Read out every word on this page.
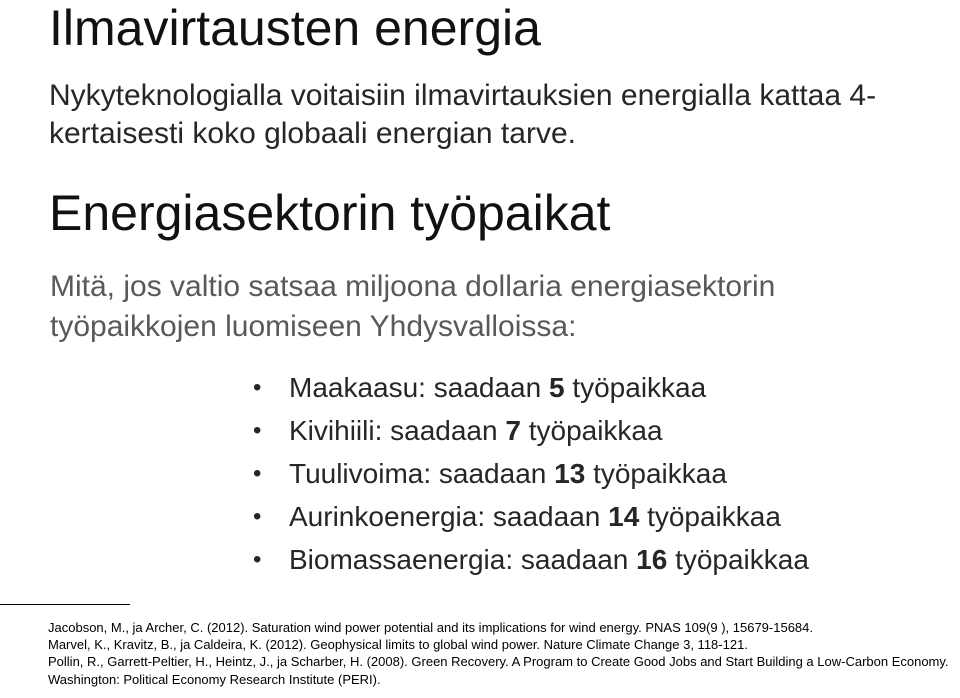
Ilmavirtausten energia

Nykyteknologialla voitaisiin ilmavirtauksien energialla kattaa 4-kertaisesti koko globaali energian tarve.

Energiasektorin työpaikat

Mitä, jos valtio satsaa miljoona dollaria energiasektorin työpaikkojen luomiseen Yhdysvalloissa:

• Maakaasu: saadaan 5 työpaikkaa
• Kivihiili: saadaan 7 työpaikkaa
• Tuulivoima: saadaan 13 työpaikkaa
• Aurinkoenergia: saadaan 14 työpaikkaa
• Biomassaenergia: saadaan 16 työpaikkaa

Jacobson, M., ja Archer, C. (2012). Saturation wind power potential and its implications for wind energy. PNAS 109(9 ), 15679-15684.

Marvel, K., Kravitz, B., ja Caldeira, K. (2012). Geophysical limits to global wind power. Nature Climate Change 3, 118-121.

Pollin, R., Garrett-Peltier, H., Heintz, J., ja Scharber, H. (2008). Green Recovery. A Program to Create Good Jobs and Start Building a Low-Carbon Economy. Washington: Political Economy Research Institute (PERI).
